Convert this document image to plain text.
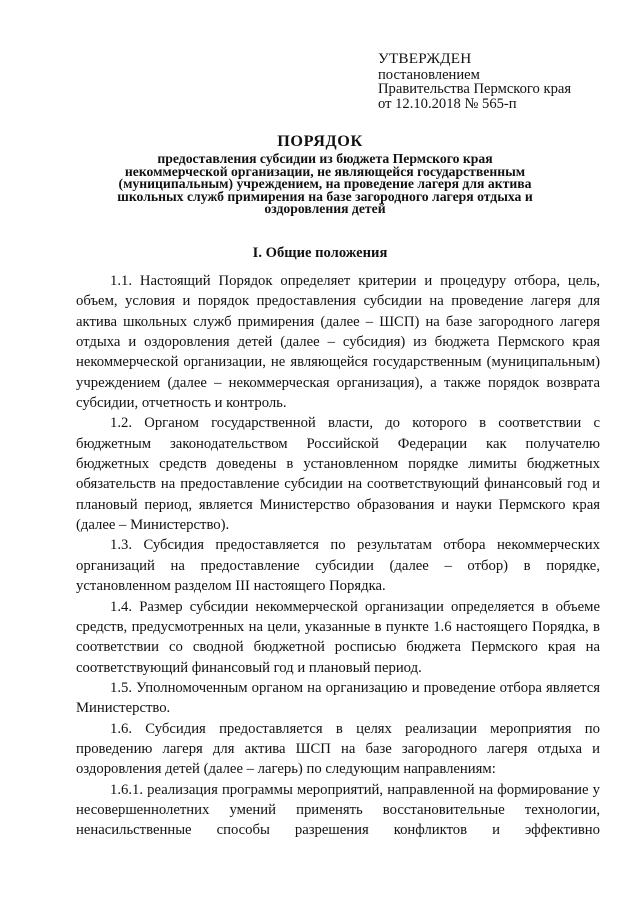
УТВЕРЖДЕН
постановлением
Правительства Пермского края
от 12.10.2018 № 565-п
ПОРЯДОК
предоставления субсидии из бюджета Пермского края некоммерческой организации, не являющейся государственным (муниципальным) учреждением, на проведение лагеря для актива школьных служб примирения на базе загородного лагеря отдыха и оздоровления детей
I. Общие положения

1.1. Настоящий Порядок определяет критерии и процедуру отбора, цель, объем, условия и порядок предоставления субсидии на проведение лагеря для актива школьных служб примирения (далее – ШСП) на базе загородного лагеря отдыха и оздоровления детей (далее – субсидия) из бюджета Пермского края некоммерческой организации, не являющейся государственным (муниципальным) учреждением (далее – некоммерческая организация), а также порядок возврата субсидии, отчетность и контроль.

1.2. Органом государственной власти, до которого в соответствии с бюджетным законодательством Российской Федерации как получателю бюджетных средств доведены в установленном порядке лимиты бюджетных обязательств на предоставление субсидии на соответствующий финансовый год и плановый период, является Министерство образования и науки Пермского края (далее – Министерство).

1.3. Субсидия предоставляется по результатам отбора некоммерческих организаций на предоставление субсидии (далее – отбор) в порядке, установленном разделом III настоящего Порядка.

1.4. Размер субсидии некоммерческой организации определяется в объеме средств, предусмотренных на цели, указанные в пункте 1.6 настоящего Порядка, в соответствии со сводной бюджетной росписью бюджета Пермского края на соответствующий финансовый год и плановый период.

1.5. Уполномоченным органом на организацию и проведение отбора является Министерство.

1.6. Субсидия предоставляется в целях реализации мероприятия по проведению лагеря для актива ШСП на базе загородного лагеря отдыха и оздоровления детей (далее – лагерь) по следующим направлениям:

1.6.1. реализация программы мероприятий, направленной на формирование у несовершеннолетних умений применять восстановительные технологии, ненасильственные способы разрешения конфликтов и эффективно
